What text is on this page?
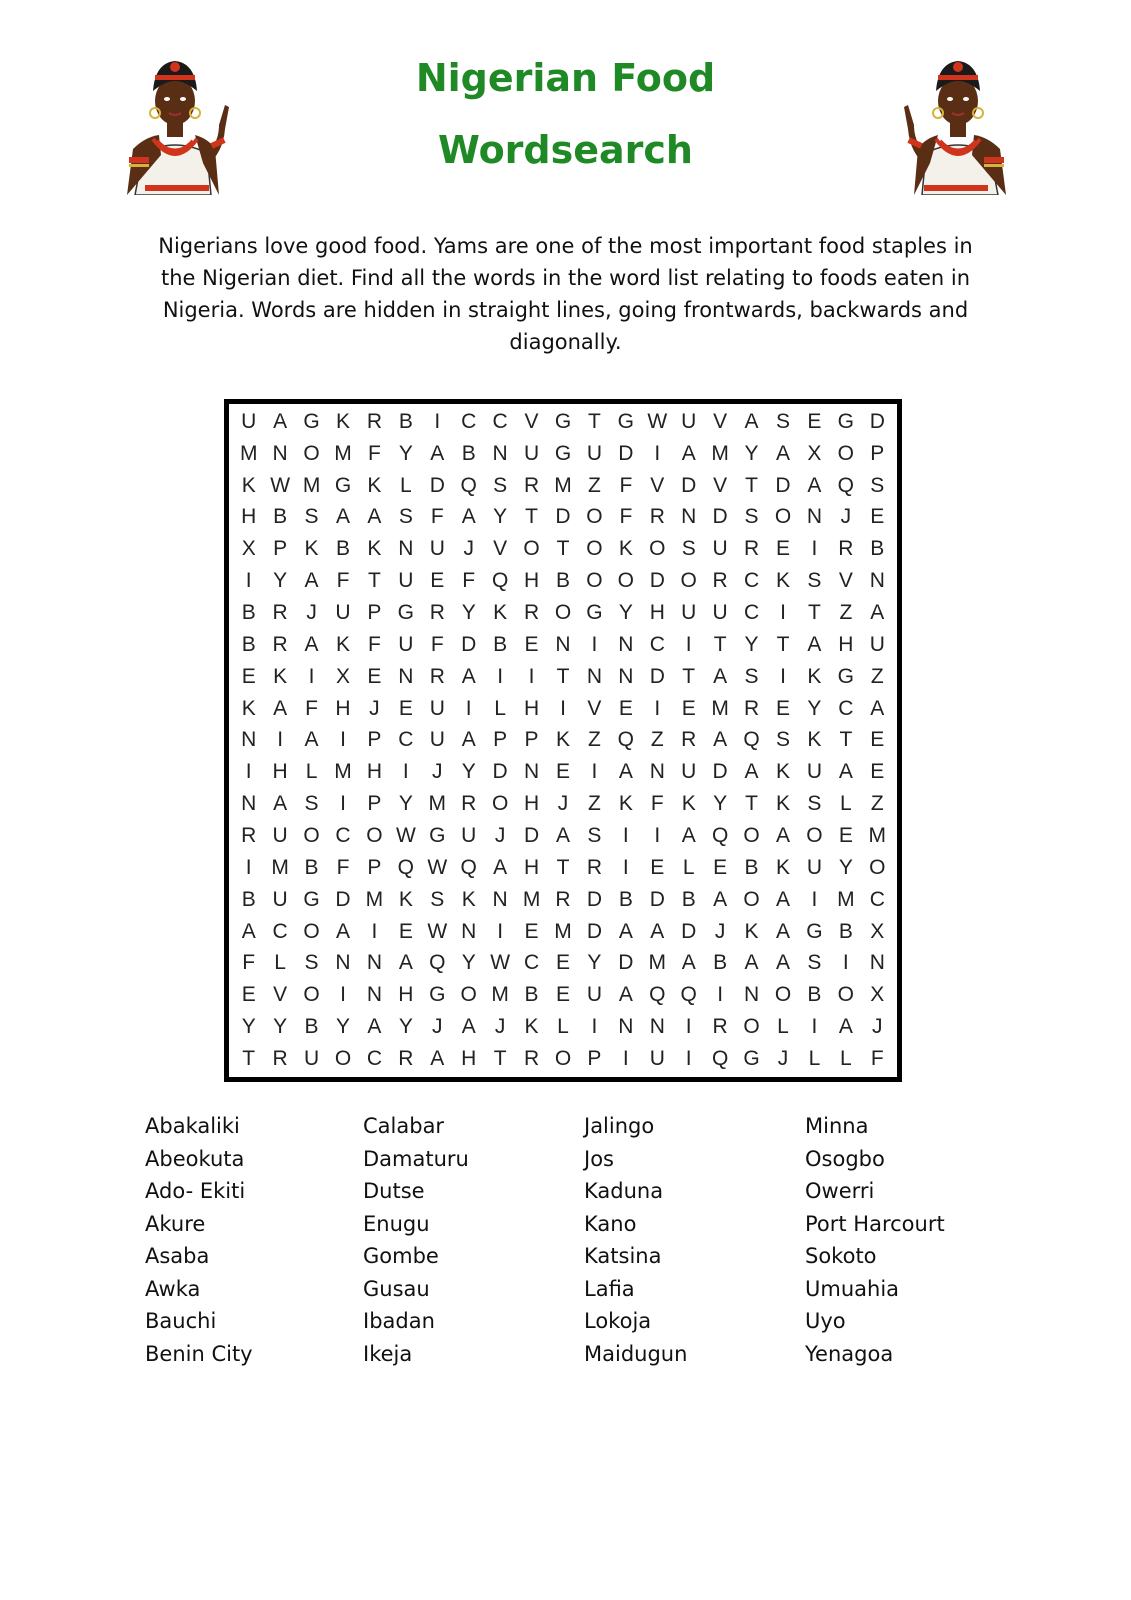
Nigerian Food
Wordsearch

Nigerians love good food. Yams are one of the most important food staples in the Nigerian diet. Find all the words in the word list relating to foods eaten in Nigeria. Words are hidden in straight lines, going frontwards, backwards and diagonally.

U A G K R B	I C C V G T G W U V A S E G D
M N O M F Y A B N U G U D I	A M Y A X O P
K W M G K L D Q S R M Z F V D V T D A Q S
H B S A A S F A Y T D O F R N D S O N J E
X P K B K N U J V O T O K O S U R E	I R B
I	Y A F T U E F Q H B O O D O R C K S V N
B R J U P G R Y K R O G Y H U U C I	T Z A
B R A K F U F D B E N I N C I	T Y T A H U
E K	I	X E N R A	I	I	T N N D T A S	I	K G Z
K A F H J E U I	L H I	V E	I	E M R E Y C A
N I	A	I	P C U A P P K Z Q Z R A Q S K T E
I H L M H I	J Y D N E	I	A N U D A K U A E
N A S	I	P Y M R O H J Z K F K Y T K S L Z
R U O C O W G U J D A S	I	I	A Q O A O E M
I M B F P Q W Q A H T R I	E L E B K U Y O
B U G D M K S K N M R D B D B A O A	I M C
A C O A	I	E W N I	E M D A A D J K A G B X
F L S N N A Q Y W C E Y D M A B A A S	I N
E V O I N H G O M B E U A Q Q I N O B O X
Y Y B Y A Y J A J K L	I N N I R O L	I	A J
T R U O C R A H T R O P	I U I Q G J L L F
Abakaliki
Abeokuta
Ado- Ekiti
Akure
Asaba
Awka
Bauchi
Benin City
Calabar
Damaturu
Dutse
Enugu
Gombe
Gusau
Ibadan
Ikeja
Jalingo
Jos
Kaduna
Kano
Katsina
Lafia
Lokoja
Maidugun
Minna
Osogbo
Owerri
Port Harcourt
Sokoto
Umuahia
Uyo
Yenagoa
